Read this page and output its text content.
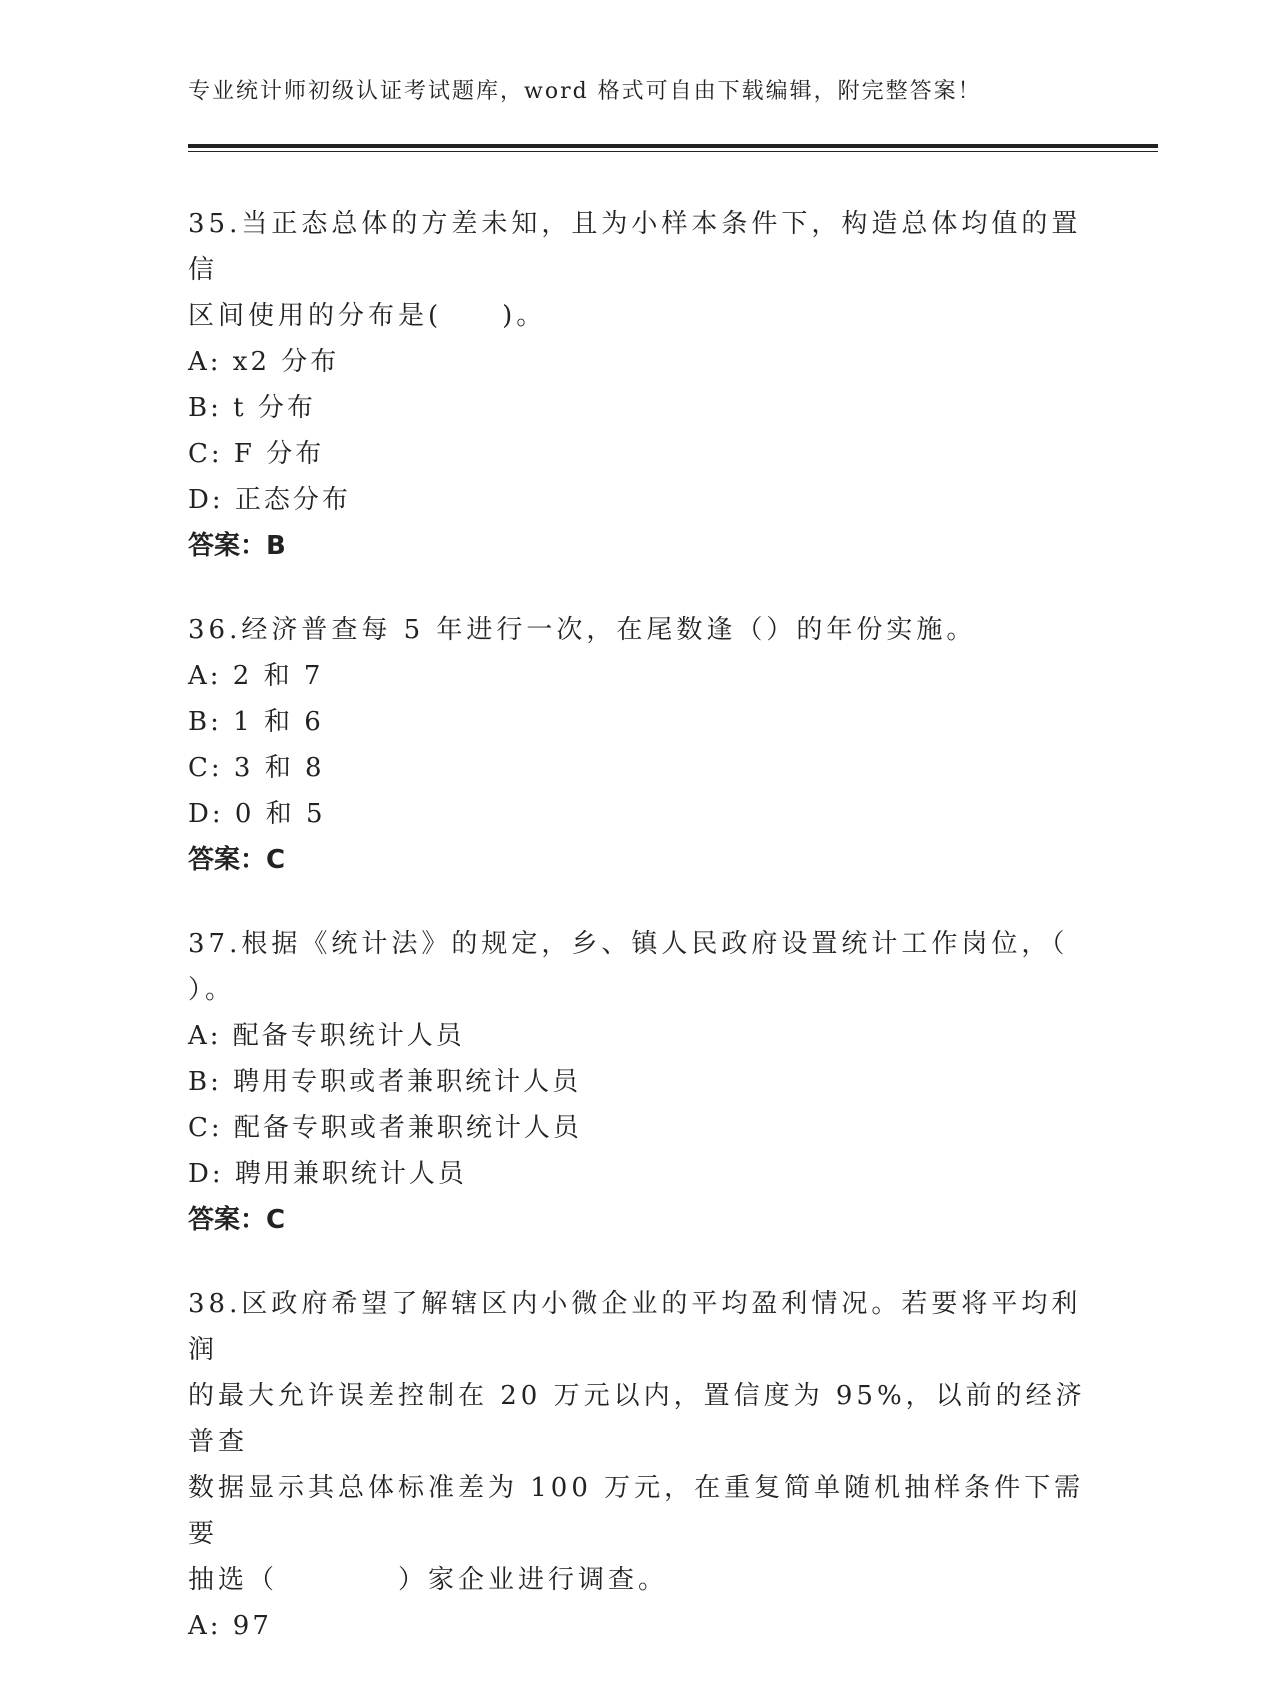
专业统计师初级认证考试题库，word 格式可自由下载编辑，附完整答案！
35.当正态总体的方差未知，且为小样本条件下，构造总体均值的置信
区间使用的分布是(　　)。
A: x2 分布
B: t 分布
C: F 分布
D: 正态分布
答案：B
36.经济普查每 5 年进行一次，在尾数逢（）的年份实施。
A: 2 和 7
B: 1 和 6
C: 3 和 8
D: 0 和 5
答案：C
37.根据《统计法》的规定，乡、镇人民政府设置统计工作岗位，（
）。
A: 配备专职统计人员
B: 聘用专职或者兼职统计人员
C: 配备专职或者兼职统计人员
D: 聘用兼职统计人员
答案：C
38.区政府希望了解辖区内小微企业的平均盈利情况。若要将平均利润
的最大允许误差控制在 20 万元以内，置信度为 95%，以前的经济普查
数据显示其总体标准差为 100 万元，在重复简单随机抽样条件下需要
抽选（　　　　）家企业进行调查。
A: 97
